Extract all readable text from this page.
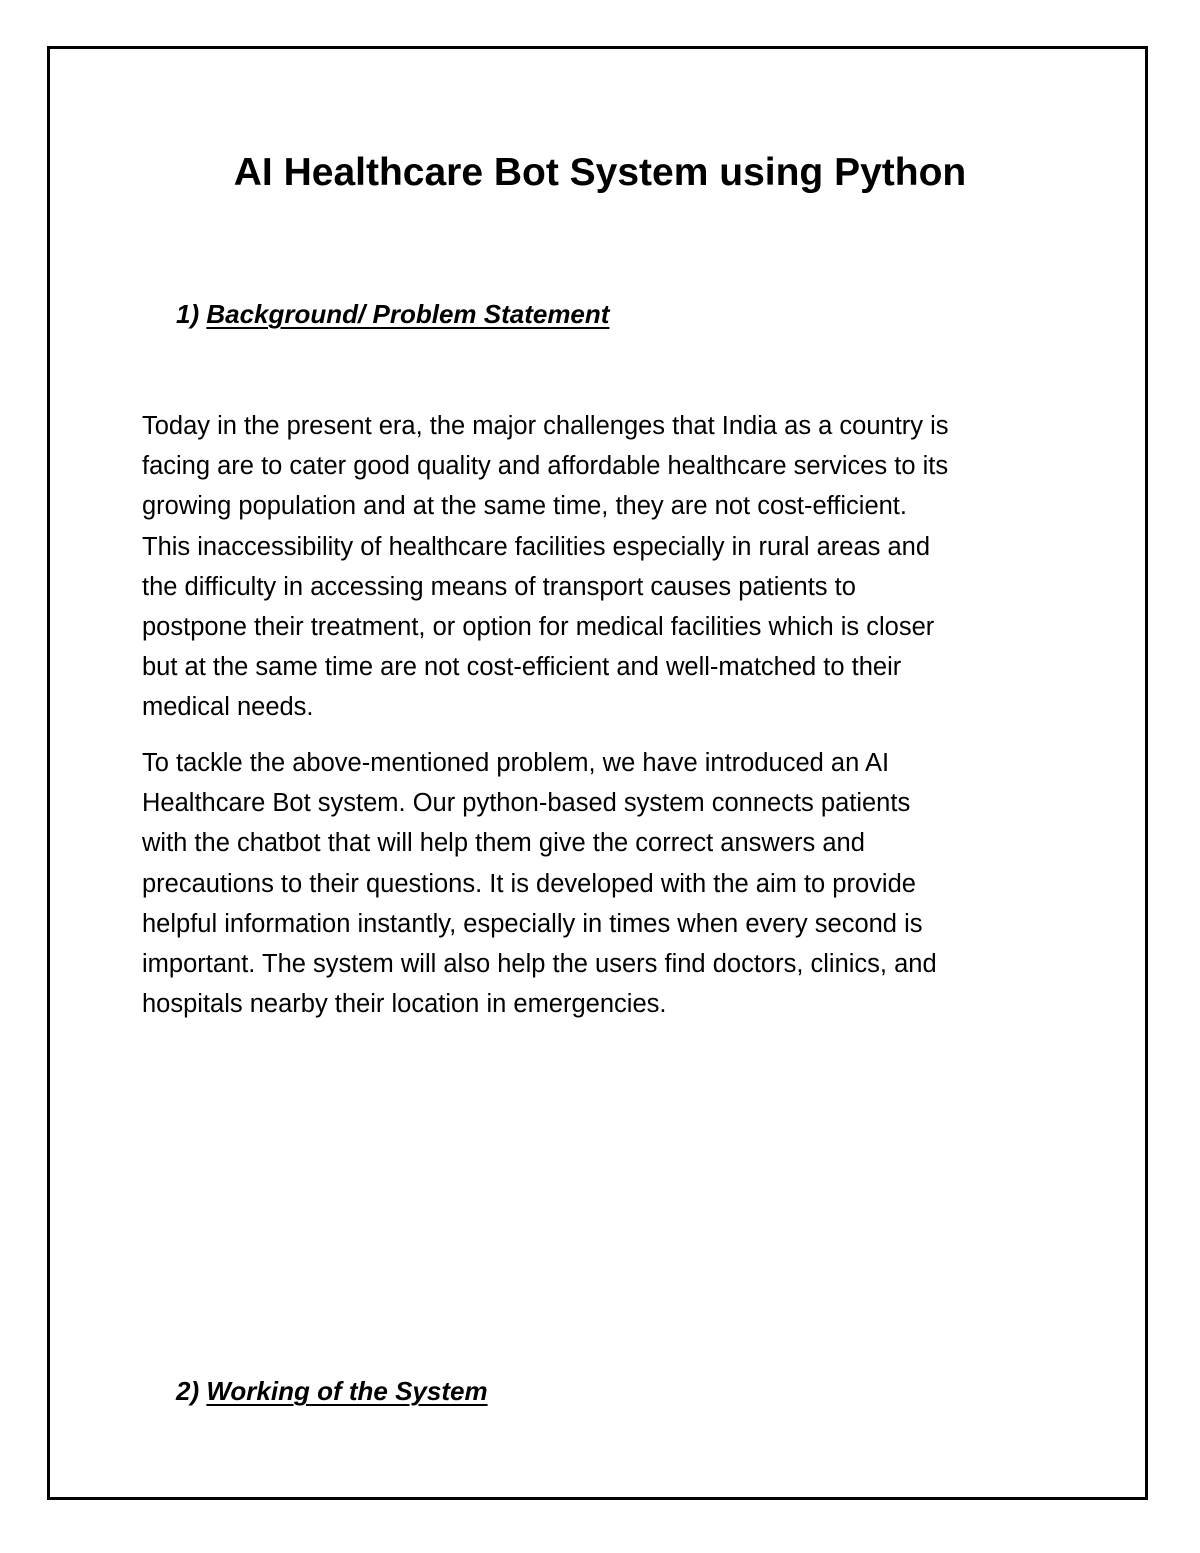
AI Healthcare Bot System using Python
1) Background/ Problem Statement

Today in the present era, the major challenges that India as a country is
facing are to cater good quality and affordable healthcare services to its
growing population and at the same time, they are not cost-efficient.
This inaccessibility of healthcare facilities especially in rural areas and
the difficulty in accessing means of transport causes patients to
postpone their treatment, or option for medical facilities which is closer
but at the same time are not cost-efficient and well-matched to their
medical needs.

To tackle the above-mentioned problem, we have introduced an AI
Healthcare Bot system. Our python-based system connects patients
with the chatbot that will help them give the correct answers and
precautions to their questions. It is developed with the aim to provide
helpful information instantly, especially in times when every second is
important. The system will also help the users find doctors, clinics, and
hospitals nearby their location in emergencies.

2) Working of the System
